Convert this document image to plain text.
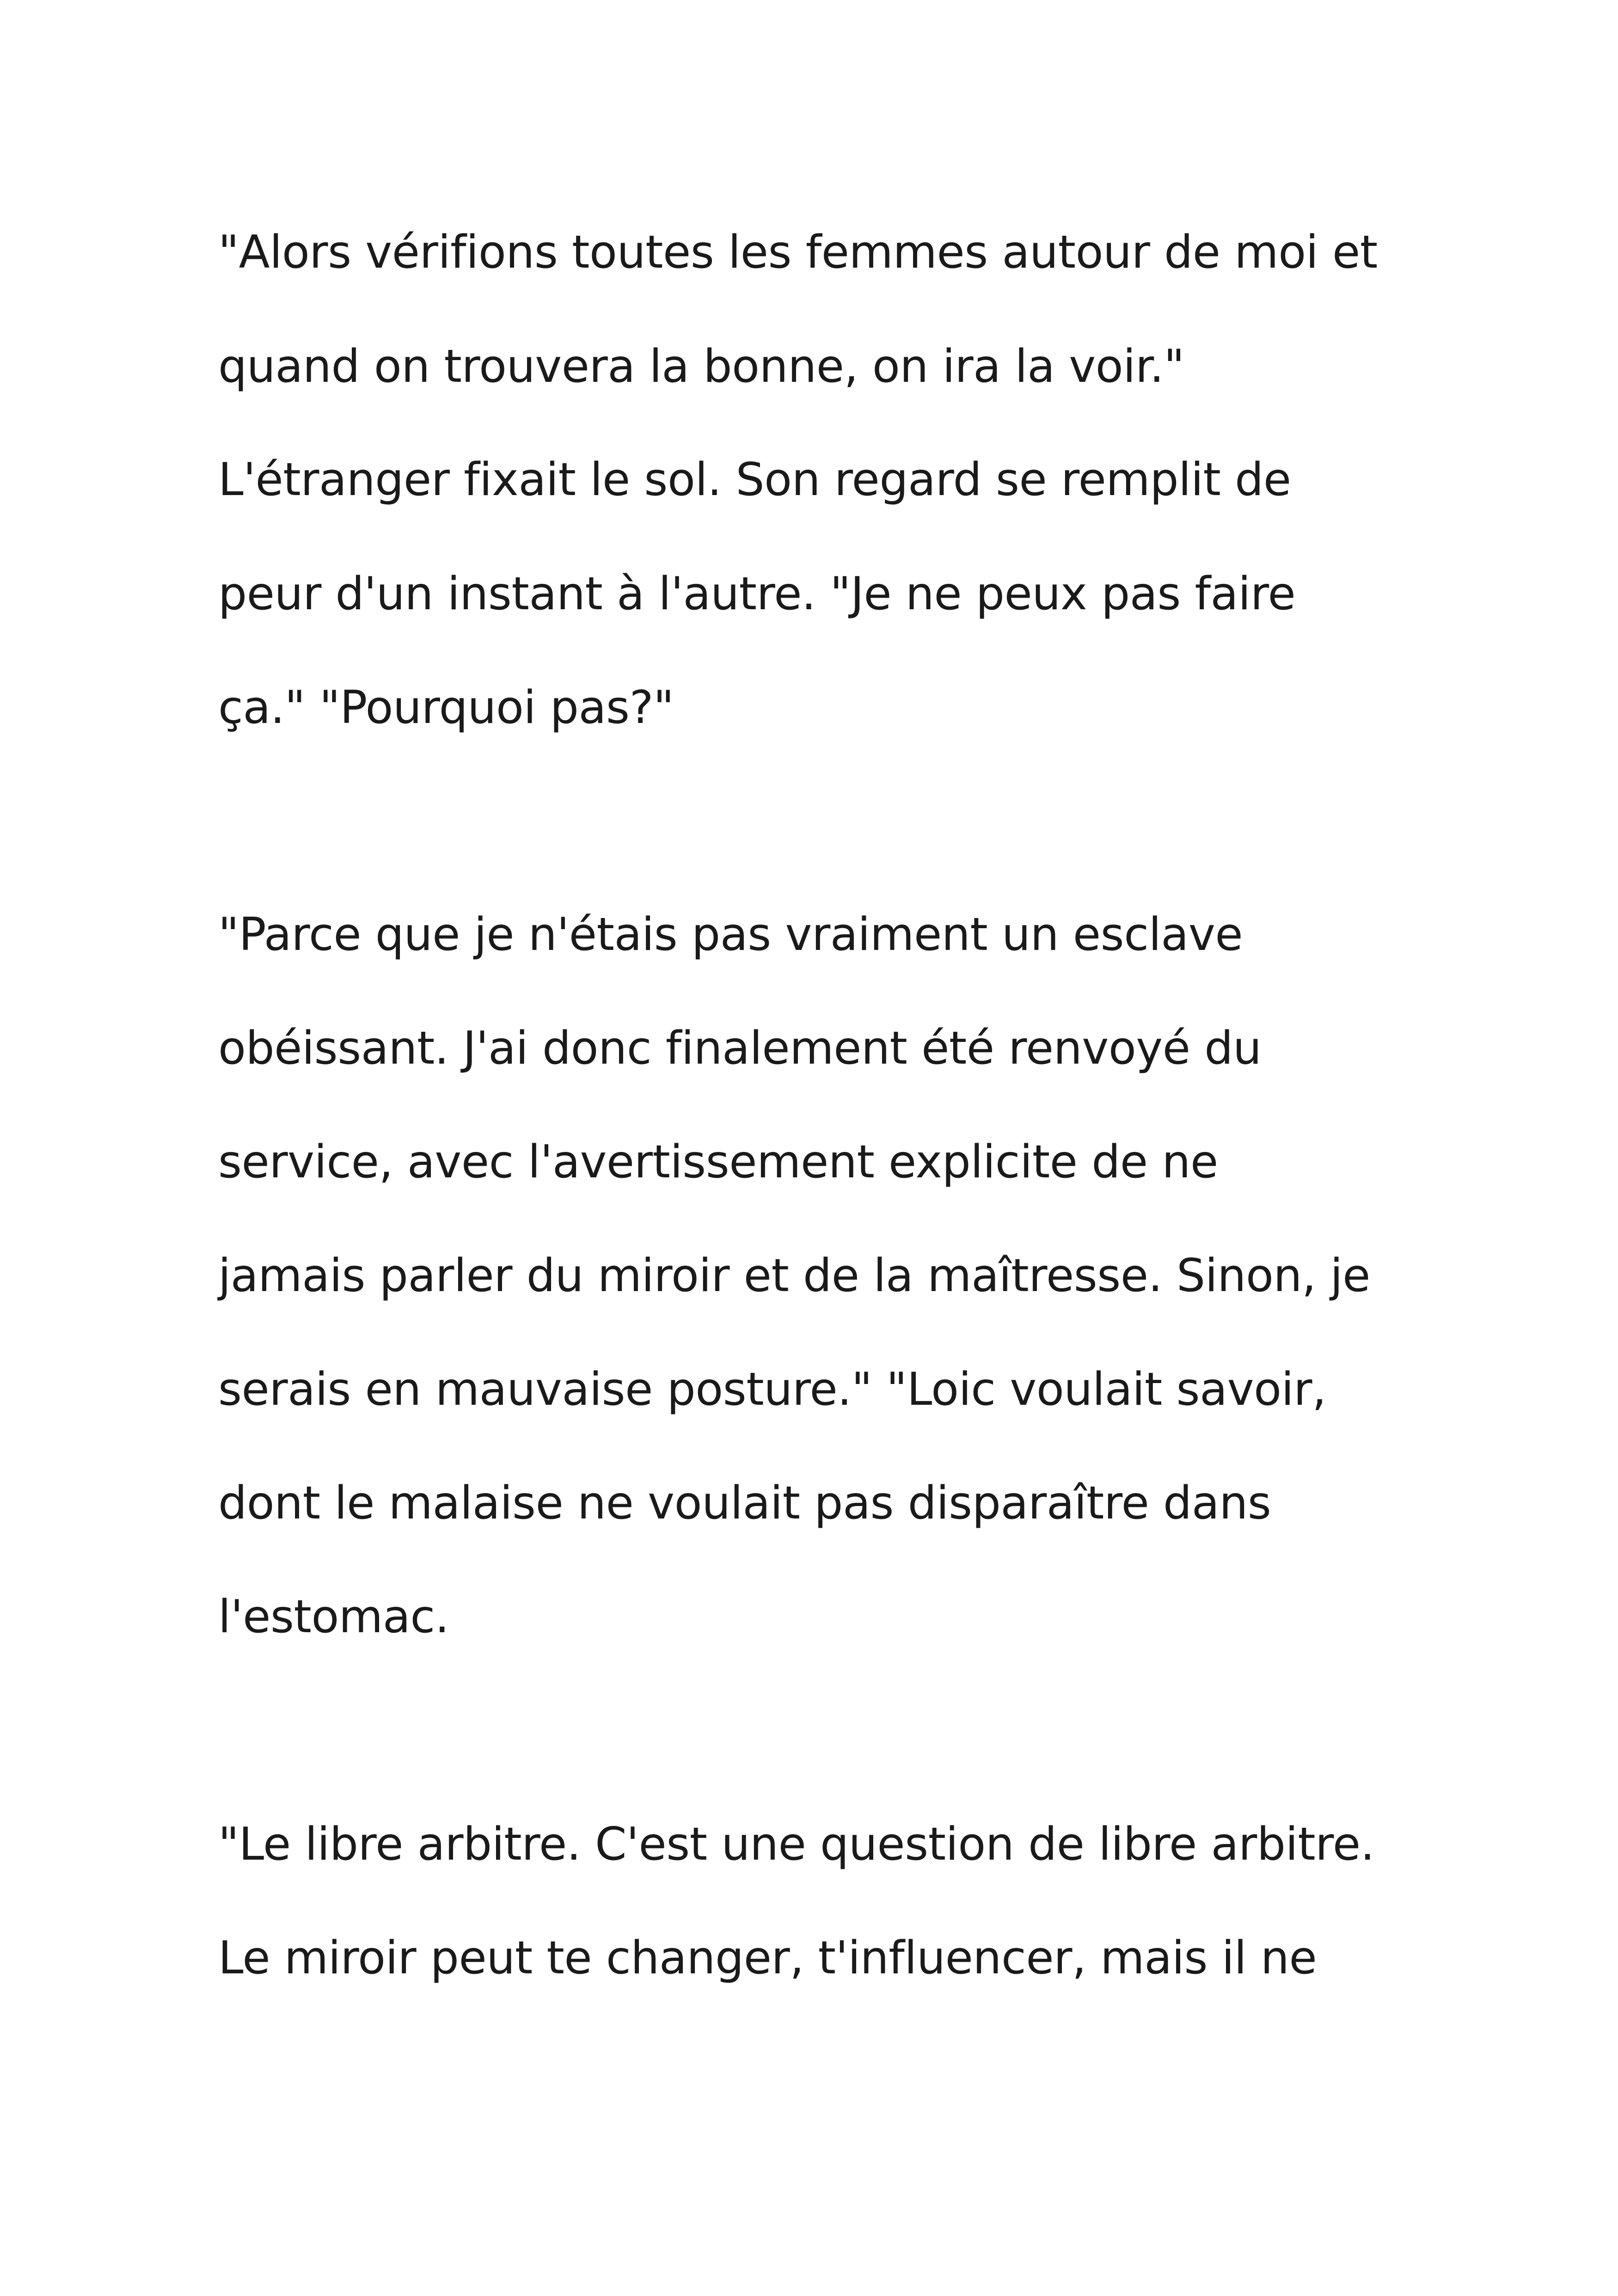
"Alors vérifions toutes les femmes autour de moi et

quand on trouvera la bonne, on ira la voir."

L'étranger fixait le sol. Son regard se remplit de

peur d'un instant à l'autre. "Je ne peux pas faire

ça." "Pourquoi pas?"

"Parce que je n'étais pas vraiment un esclave

obéissant. J'ai donc finalement été renvoyé du

service, avec l'avertissement explicite de ne

jamais parler du miroir et de la maîtresse. Sinon, je

serais en mauvaise posture." "Loic voulait savoir,

dont le malaise ne voulait pas disparaître dans

l'estomac.

"Le libre arbitre. C'est une question de libre arbitre.

Le miroir peut te changer, t'influencer, mais il ne
